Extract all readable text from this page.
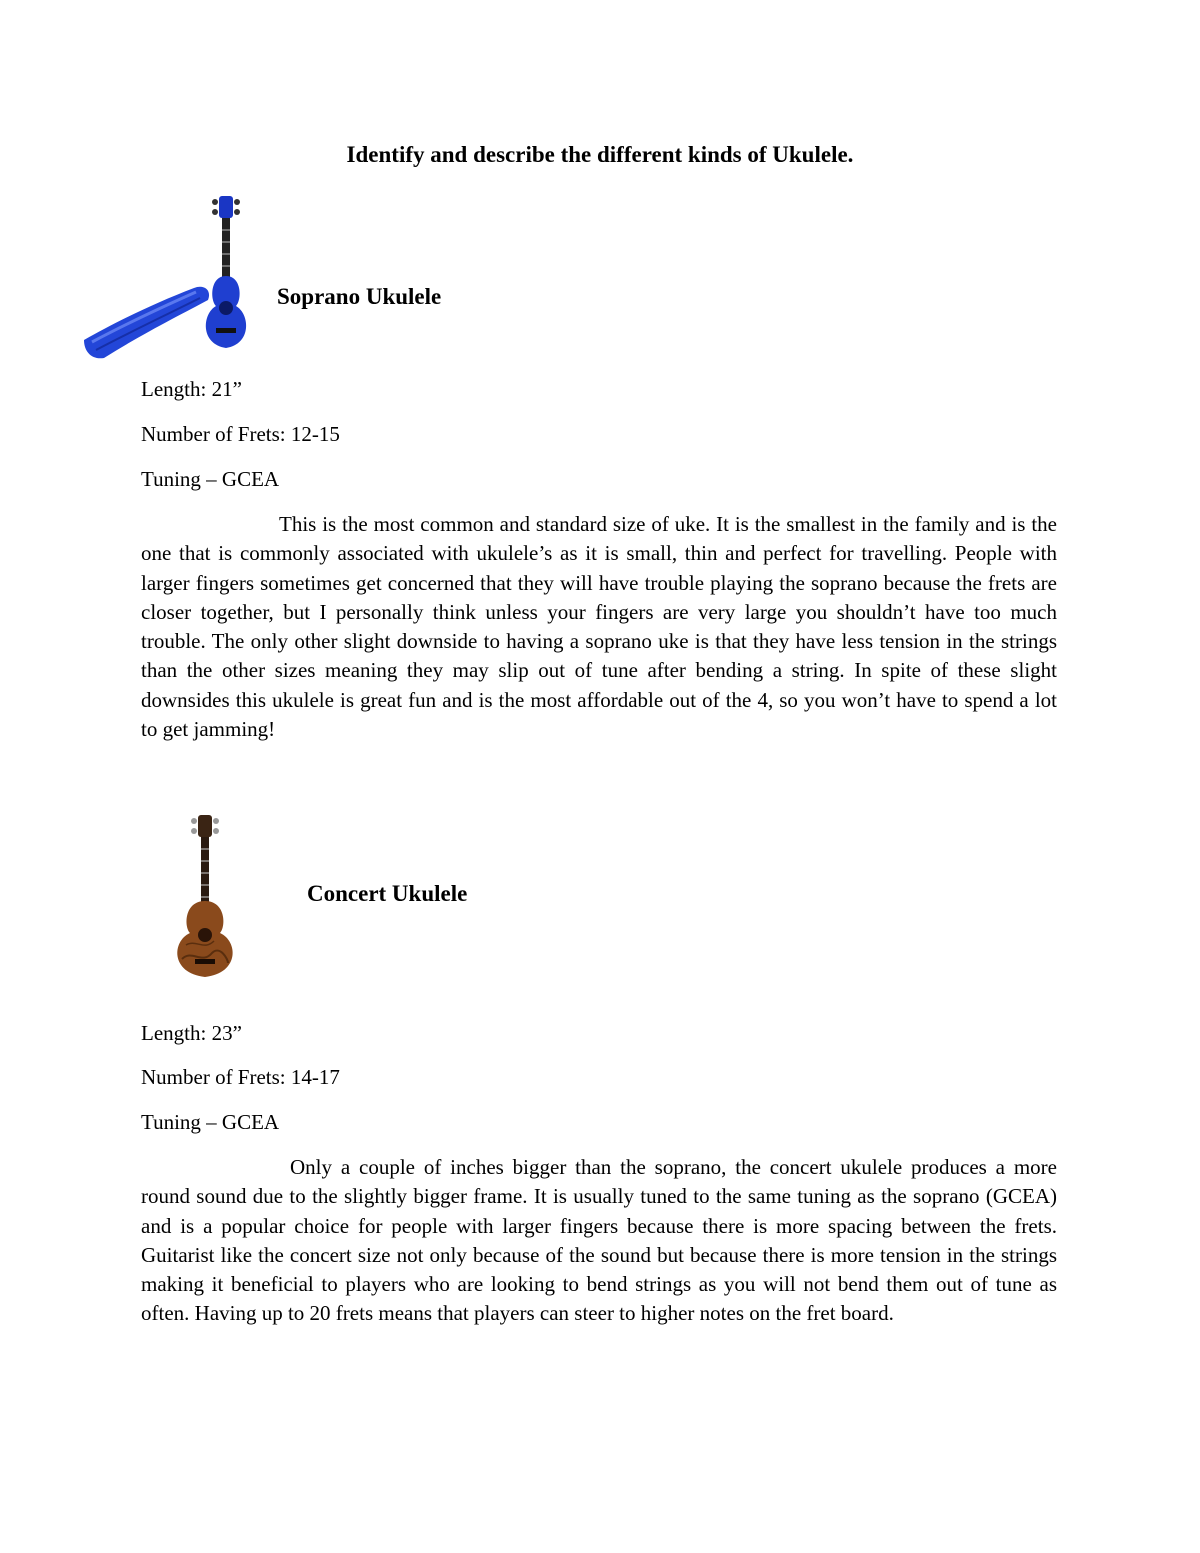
Identify and describe the different kinds of Ukulele.
Soprano Ukulele

Length: 21”

Number of Frets: 12-15

Tuning – GCEA

This is the most common and standard size of uke. It is the smallest in the family and is the one that is commonly associated with ukulele’s as it is small, thin and perfect for travelling. People with larger fingers sometimes get concerned that they will have trouble playing the soprano because the frets are closer together, but I personally think unless your fingers are very large you shouldn’t have too much trouble. The only other slight downside to having a soprano uke is that they have less tension in the strings than the other sizes meaning they may slip out of tune after bending a string. In spite of these slight downsides this ukulele is great fun and is the most affordable out of the 4, so you won’t have to spend a lot to get jamming!

Concert Ukulele

Length: 23”

Number of Frets: 14-17

Tuning – GCEA

Only a couple of inches bigger than the soprano, the concert ukulele produces a more round sound due to the slightly bigger frame. It is usually tuned to the same tuning as the soprano (GCEA) and is a popular choice for people with larger fingers because there is more spacing between the frets. Guitarist like the concert size not only because of the sound but because there is more tension in the strings making it beneficial to players who are looking to bend strings as you will not bend them out of tune as often. Having up to 20 frets means that players can steer to higher notes on the fret board.
